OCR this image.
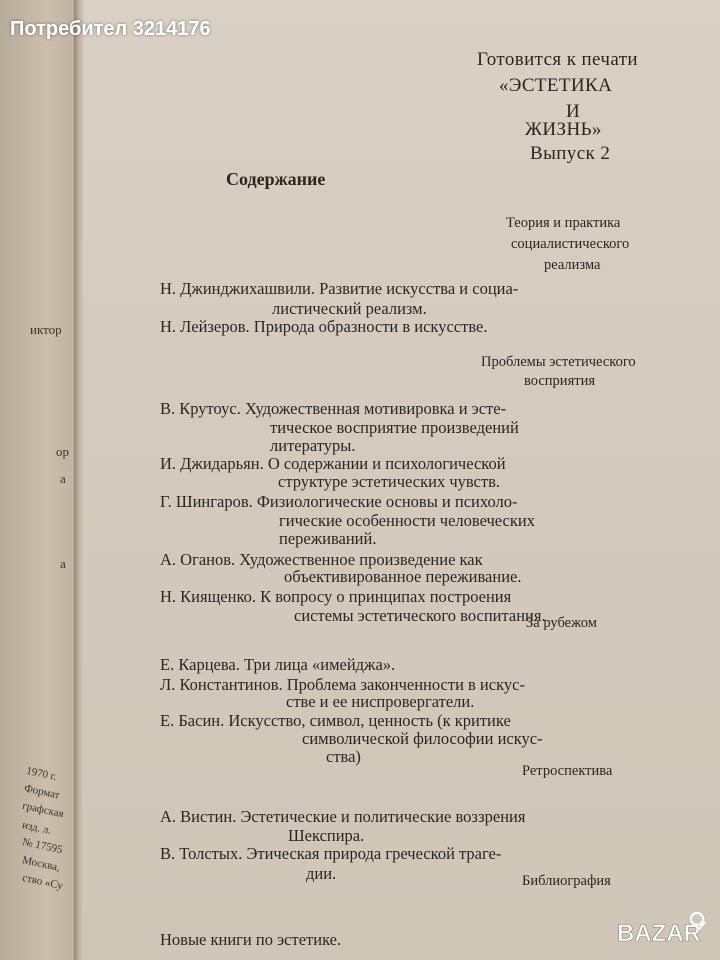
иктор
ор
а
а
1970 г.
Формат
графская
изд. л.
№ 17595
Москва,
ство «Су
Готовится к печати
«ЭСТЕТИКА
И
ЖИЗНЬ»
Выпуск 2
Содержание
Теория и практика
социалистического
реализма
Н. Джинджихашвили. Развитие искусства и социа-
листический реализм.
Н. Лейзеров. Природа образности в искусстве.
Проблемы эстетического
восприятия
В. Крутоус. Художественная мотивировка и эсте-
тическое восприятие произведений
литературы.
И. Джидарьян. О содержании и психологической
структуре эстетических чувств.
Г. Шингаров. Физиологические основы и психоло-
гические особенности человеческих
переживаний.
А. Оганов. Художественное произведение как
объективированное переживание.
Н. Киященко. К вопросу о принципах построения
системы эстетического воспитания.
За рубежом
Е. Карцева. Три лица «имейджа».
Л. Константинов. Проблема законченности в искус-
стве и ее ниспровергатели.
Е. Басин. Искусство, символ, ценность (к критике
символической философии искус-
ства)
Ретроспектива
А. Вистин. Эстетические и политические воззрения
Шекспира.
В. Толстых. Этическая природа греческой траге-
дии.	Библиография
Новые книги по эстетике.
Потребител 3214176
BAZAR
